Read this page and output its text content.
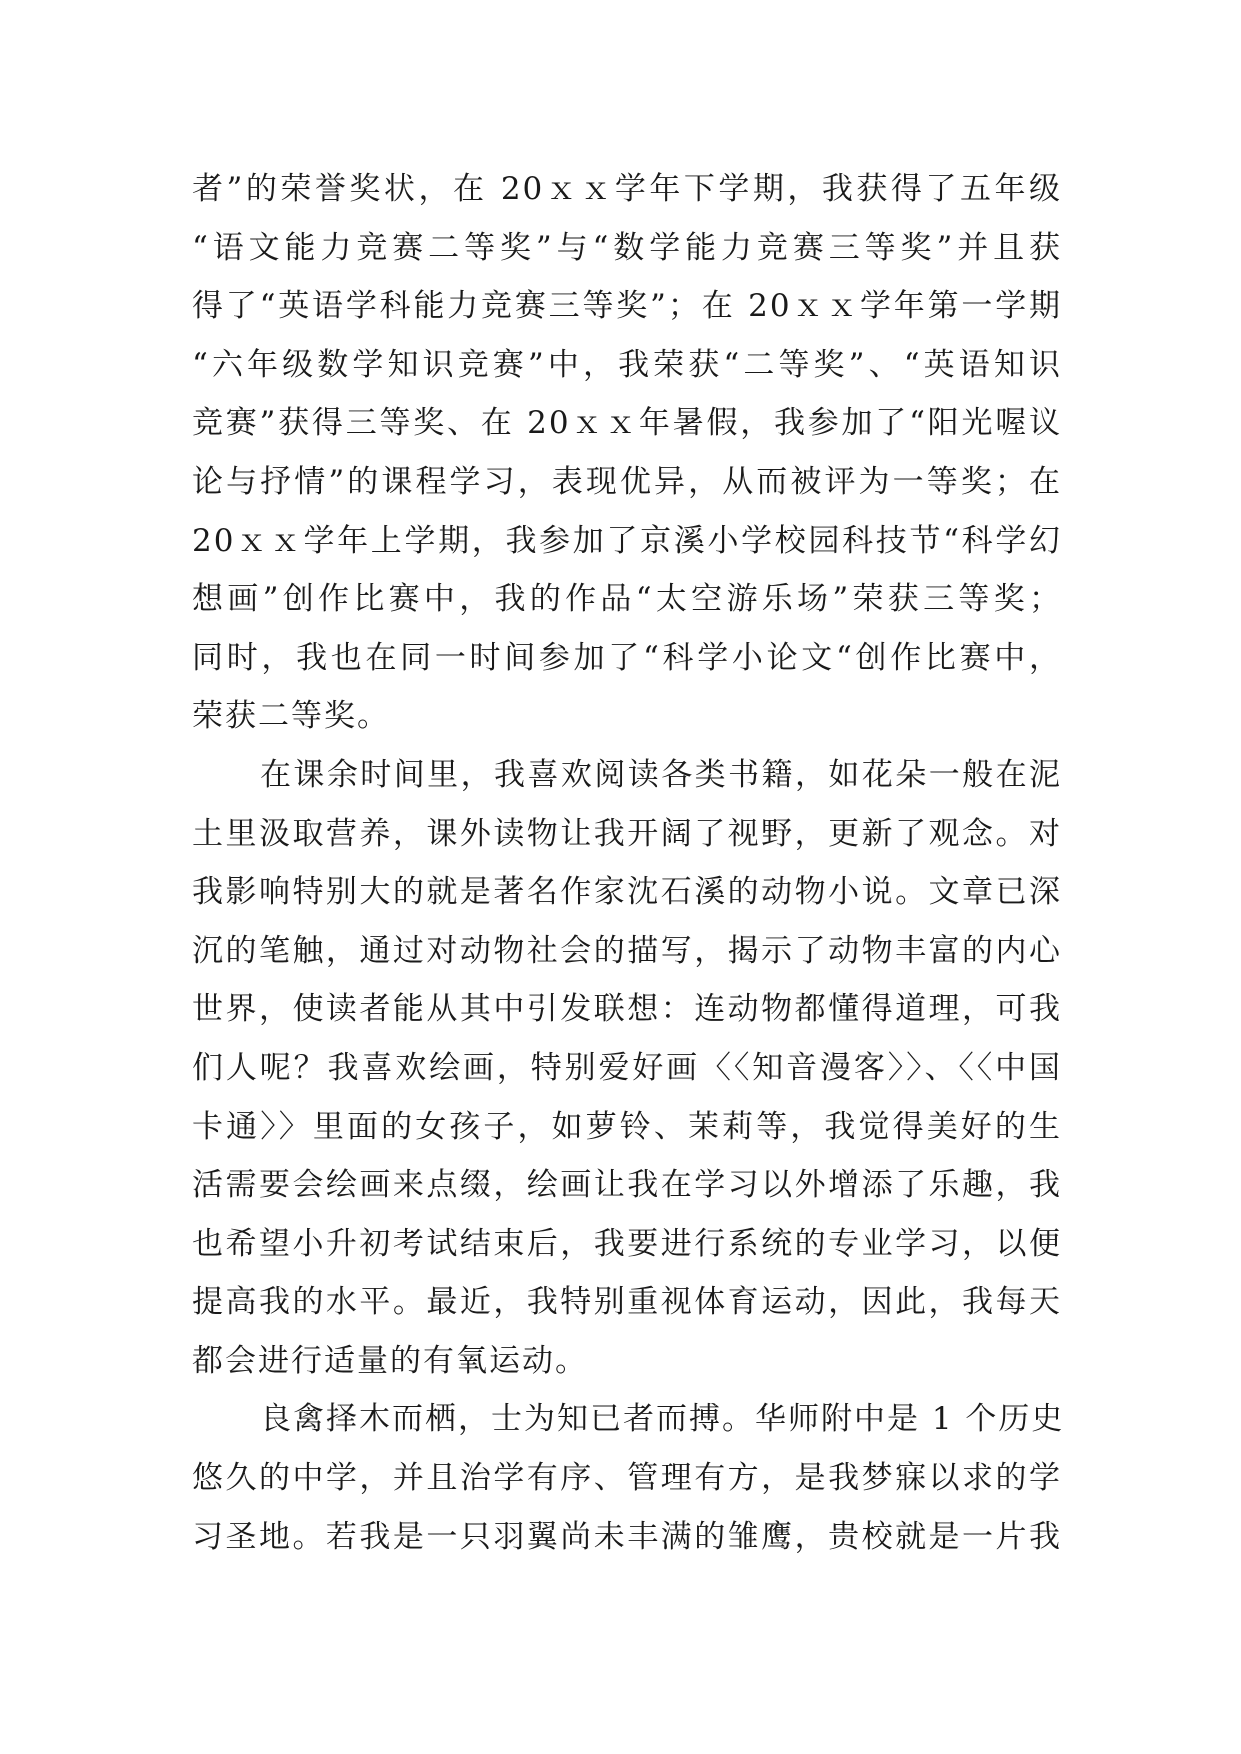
者”的荣誉奖状，在 20ｘｘ学年下学期，我获得了五年级
“语文能力竞赛二等奖”与“数学能力竞赛三等奖”并且获
得了“英语学科能力竞赛三等奖”；在 20ｘｘ学年第一学期
“六年级数学知识竞赛”中，我荣获“二等奖”、“英语知识
竞赛”获得三等奖、在 20ｘｘ年暑假，我参加了“阳光喔议
论与抒情”的课程学习，表现优异，从而被评为一等奖；在
20ｘｘ学年上学期，我参加了京溪小学校园科技节“科学幻
想画”创作比赛中，我的作品“太空游乐场”荣获三等奖；
同时，我也在同一时间参加了“科学小论文“创作比赛中，
荣获二等奖。
在课余时间里，我喜欢阅读各类书籍，如花朵一般在泥
土里汲取营养，课外读物让我开阔了视野，更新了观念。对
我影响特别大的就是著名作家沈石溪的动物小说。文章已深
沉的笔触，通过对动物社会的描写，揭示了动物丰富的内心
世界，使读者能从其中引发联想：连动物都懂得道理，可我
们人呢？我喜欢绘画，特别爱好画〈〈知音漫客〉〉、〈〈中国
卡通〉〉里面的女孩子，如萝铃、茉莉等，我觉得美好的生
活需要会绘画来点缀，绘画让我在学习以外增添了乐趣，我
也希望小升初考试结束后，我要进行系统的专业学习，以便
提高我的水平。最近，我特别重视体育运动，因此，我每天
都会进行适量的有氧运动。
良禽择木而栖，士为知已者而搏。华师附中是 1 个历史
悠久的中学，并且治学有序、管理有方，是我梦寐以求的学
习圣地。若我是一只羽翼尚未丰满的雏鹰，贵校就是一片我
